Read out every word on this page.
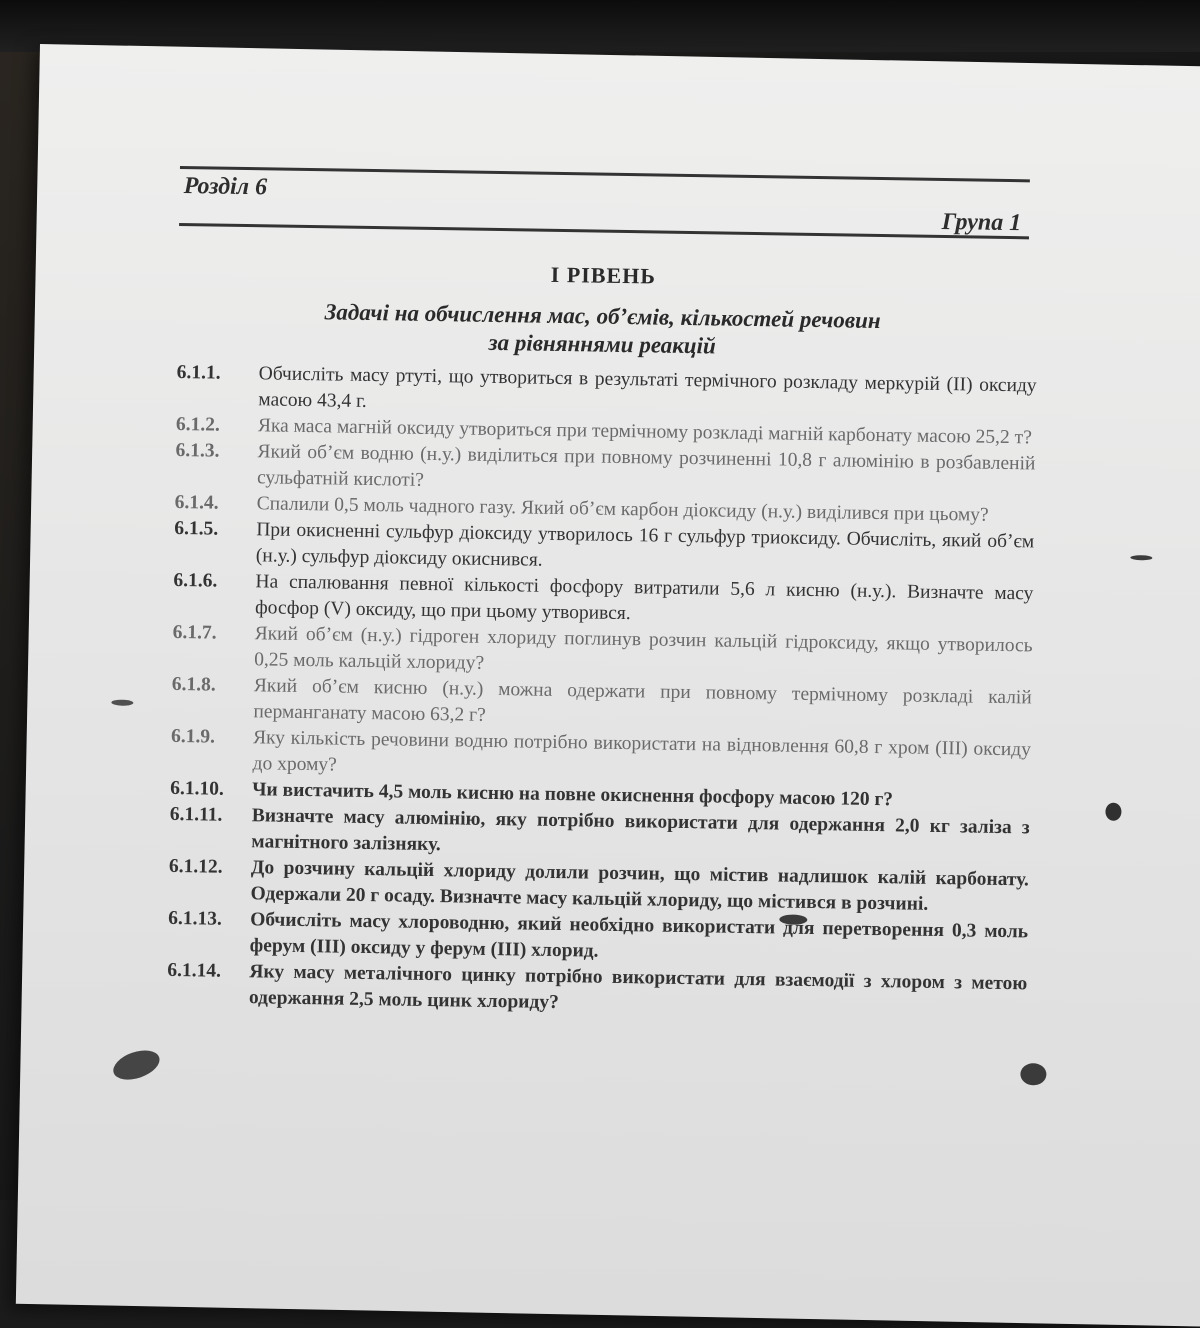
Розділ 6
Група 1
І РІВЕНЬ
Задачі на обчислення мас, об’ємів, кількостей речовин
за рівняннями реакцій
6.1.1.	Обчисліть масу ртуті, що утвориться в результаті термічного розкладу меркурій (II) оксиду масою 43,4 г.
6.1.2.	Яка маса магній оксиду утвориться при термічному розкладі магній карбонату масою 25,2 т?
6.1.3.	Який об’єм водню (н.у.) виділиться при повному розчиненні 10,8 г алюмінію в розбавленій сульфатній кислоті?
6.1.4.	Спалили 0,5 моль чадного газу. Який об’єм карбон діоксиду (н.у.) виділився при цьому?
6.1.5.	При окисненні сульфур діоксиду утворилось 16 г сульфур триоксиду. Обчисліть, який об’єм (н.у.) сульфур діоксиду окиснився.
6.1.6.	На спалювання певної кількості фосфору витратили 5,6 л кисню (н.у.). Визначте масу фосфор (V) оксиду, що при цьому утворився.
6.1.7.	Який об’єм (н.у.) гідроген хлориду поглинув розчин кальцій гідроксиду, якщо утворилось 0,25 моль кальцій хлориду?
6.1.8.	Який об’єм кисню (н.у.) можна одержати при повному термічному розкладі калій перманганату масою 63,2 г?
6.1.9.	Яку кількість речовини водню потрібно використати на відновлення 60,8 г хром (III) оксиду до хрому?
6.1.10.	Чи вистачить 4,5 моль кисню на повне окиснення фосфору масою 120 г?
6.1.11.	Визначте масу алюмінію, яку потрібно використати для одержання 2,0 кг заліза з магнітного залізняку.
6.1.12.	До розчину кальцій хлориду долили розчин, що містив надлишок калій карбонату. Одержали 20 г осаду. Визначте масу кальцій хлориду, що містився в розчині.
6.1.13.	Обчисліть масу хлороводню, який необхідно використати для перетворення 0,3 моль ферум (III) оксиду у ферум (III) хлорид.
6.1.14.	Яку масу металічного цинку потрібно використати для взаємодії з хлором з метою одержання 2,5 моль цинк хлориду?
